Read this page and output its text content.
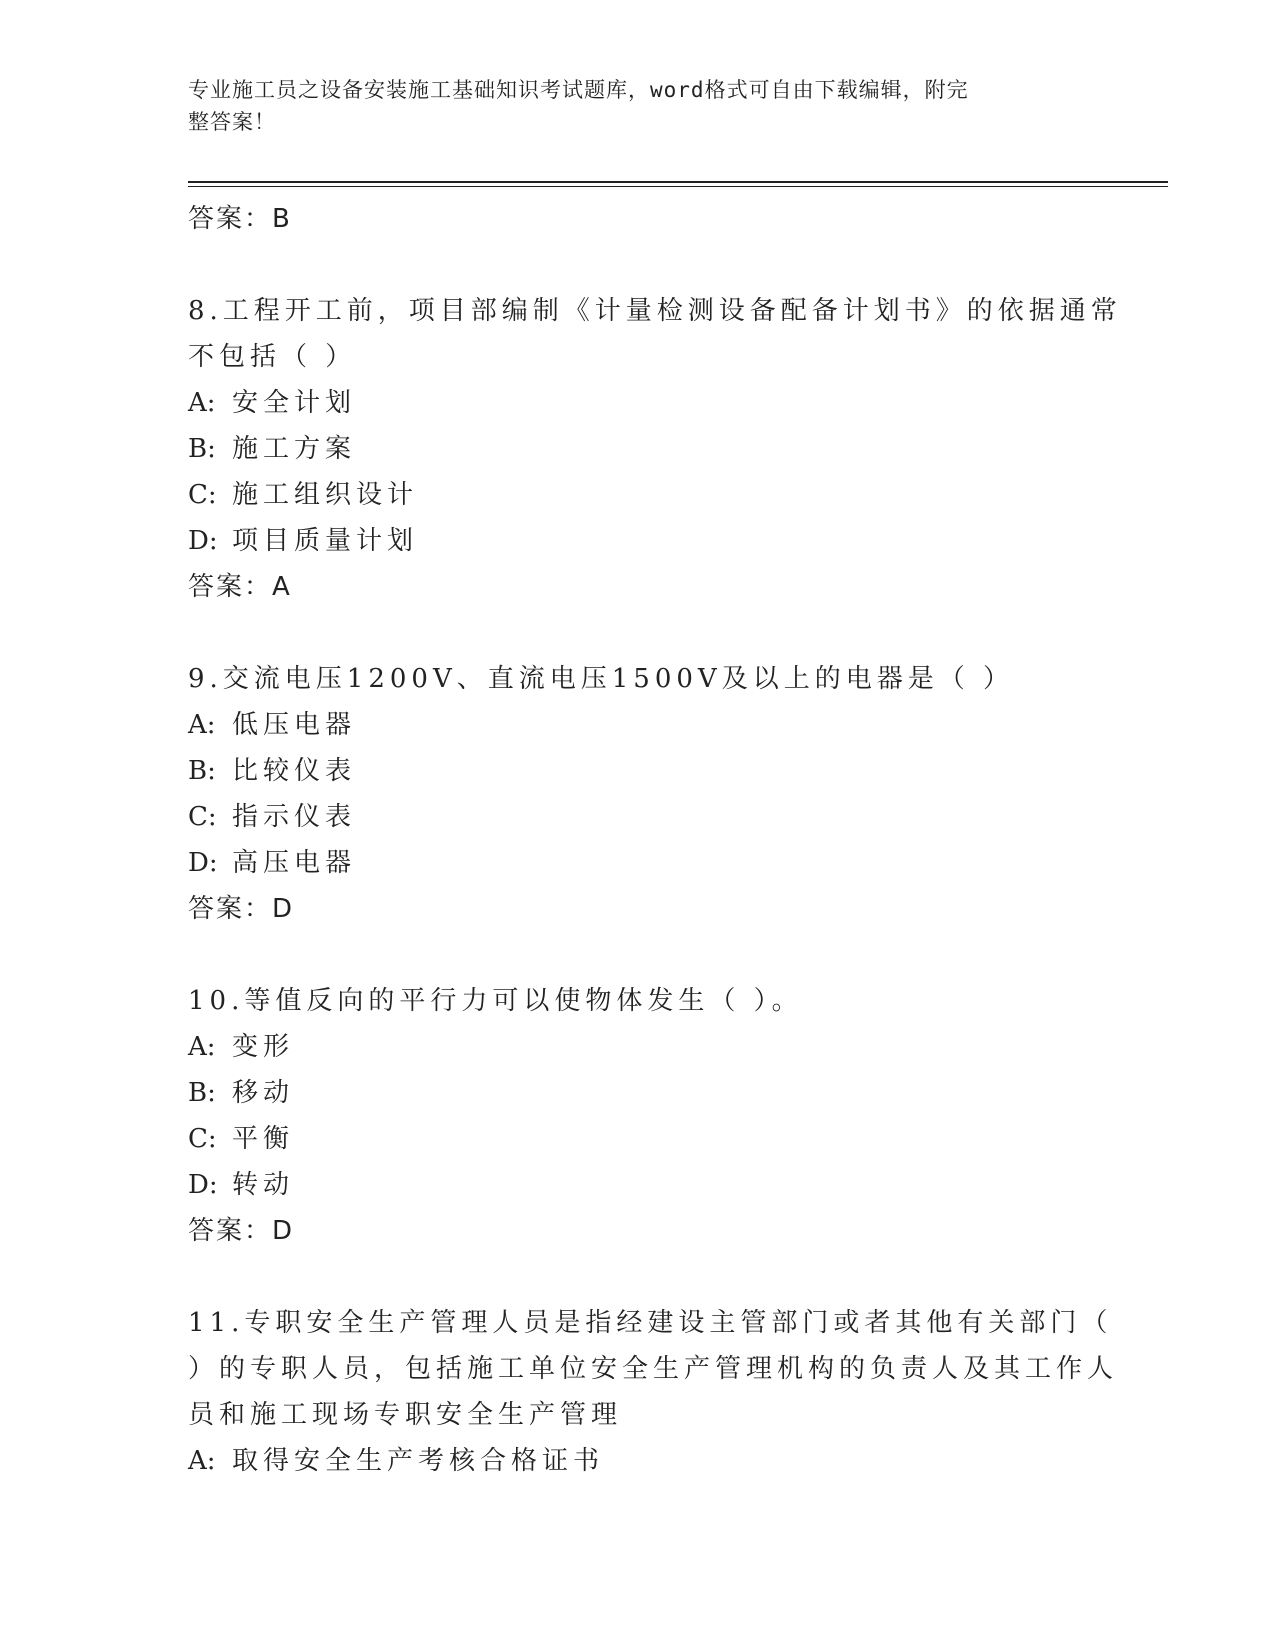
专业施工员之设备安装施工基础知识考试题库，word格式可自由下载编辑，附完
整答案！
答案：B
8.工程开工前，项目部编制《计量检测设备配备计划书》的依据通常
不包括（ ）
A: 安全计划
B: 施工方案
C: 施工组织设计
D: 项目质量计划
答案：A
9.交流电压1200V、直流电压1500V及以上的电器是（ ）
A: 低压电器
B: 比较仪表
C: 指示仪表
D: 高压电器
答案：D
10.等值反向的平行力可以使物体发生（ ）。
A: 变形
B: 移动
C: 平衡
D: 转动
答案：D
11.专职安全生产管理人员是指经建设主管部门或者其他有关部门（
）的专职人员，包括施工单位安全生产管理机构的负责人及其工作人
员和施工现场专职安全生产管理
A: 取得安全生产考核合格证书
